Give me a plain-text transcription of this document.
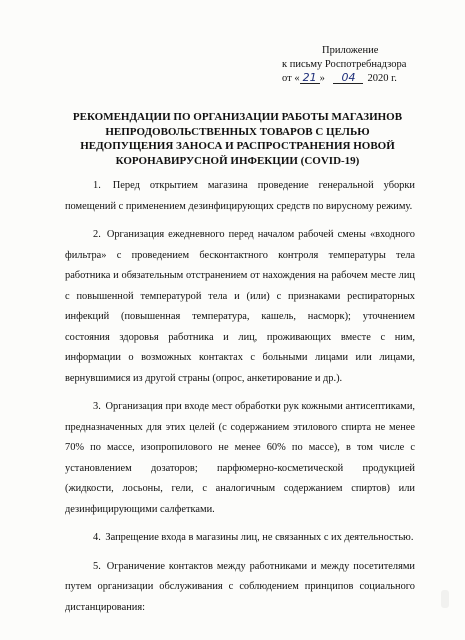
Приложение
к письму Роспотребнадзора
от « 21 » 04 2020 г.
РЕКОМЕНДАЦИИ ПО ОРГАНИЗАЦИИ РАБОТЫ МАГАЗИНОВ НЕПРОДОВОЛЬСТВЕННЫХ ТОВАРОВ С ЦЕЛЬЮ НЕДОПУЩЕНИЯ ЗАНОСА И РАСПРОСТРАНЕНИЯ НОВОЙ КОРОНАВИРУСНОЙ ИНФЕКЦИИ (COVID-19)

1. Перед открытием магазина проведение генеральной уборки помещений с применением дезинфицирующих средств по вирусному режиму.

2. Организация ежедневного перед началом рабочей смены «входного фильтра» с проведением бесконтактного контроля температуры тела работника и обязательным отстранением от нахождения на рабочем месте лиц с повышенной температурой тела и (или) с признаками респираторных инфекций (повышенная температура, кашель, насморк); уточнением состояния здоровья работника и лиц, проживающих вместе с ним, информации о возможных контактах с больными лицами или лицами, вернувшимися из другой страны (опрос, анкетирование и др.).

3. Организация при входе мест обработки рук кожными антисептиками, предназначенных для этих целей (с содержанием этилового спирта не менее 70% по массе, изопропилового не менее 60% по массе), в том числе с установлением дозаторов; парфюмерно-косметической продукцией (жидкости, лосьоны, гели, с аналогичным содержанием спиртов) или дезинфицирующими салфетками.

4. Запрещение входа в магазины лиц, не связанных с их деятельностью.

5. Ограничение контактов между работниками и между посетителями путем организации обслуживания с соблюдением принципов социального дистанцирования:
